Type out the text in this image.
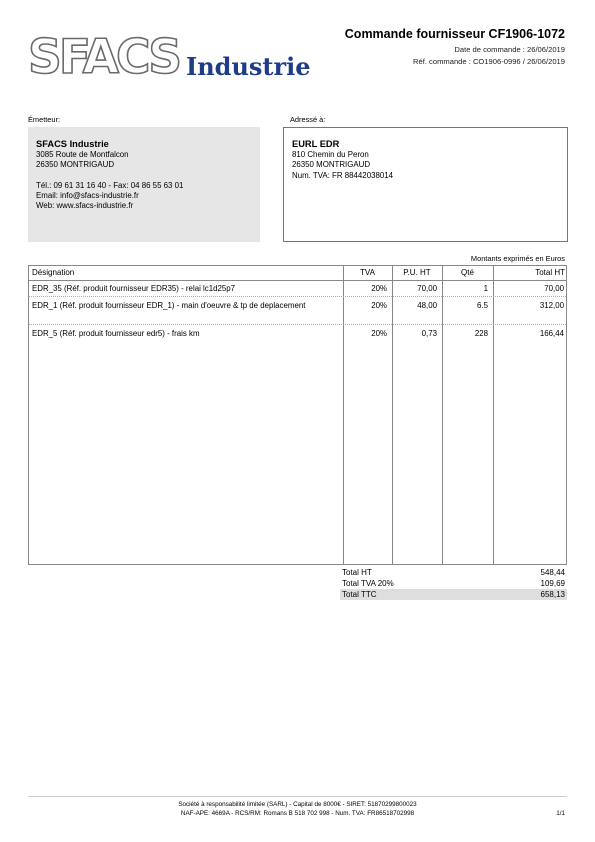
SFACS Industrie
Commande fournisseur CF1906-1072
Date de commande : 26/06/2019
Réf. commande : CO1906-0996 / 26/06/2019
Émetteur:
SFACS Industrie
3085 Route de Montfalcon
26350 MONTRIGAUD
Tél.: 09 61 31 16 40 - Fax: 04 86 55 63 01
Email: info@sfacs-industrie.fr
Web: www.sfacs-industrie.fr
Adressé à:
EURL EDR
810 Chemin du Peron
26350 MONTRIGAUD
Num. TVA: FR 88442038014
Montants exprimés en Euros
Désignation	TVA	P.U. HT	Qté	Total HT
EDR_35 (Réf. produit fournisseur EDR35) - relai lc1d25p7	20%	70,00	1	70,00
EDR_1 (Réf. produit fournisseur EDR_1) - main d'oeuvre & tp de deplacement	20%	48,00	6.5	312,00
EDR_5 (Réf. produit fournisseur edr5) - frais km	20%	0,73	228	166,44
Total HT	548,44
Total TVA 20%	109,69
Total TTC	658,13
Société à responsabilité limitée (SARL) - Capital de 8000€ - SIRET: 51870299800023
NAF-APE: 4669A - RCS/RM: Romans B 518 702 998 - Num. TVA: FR86518702998	1/1
